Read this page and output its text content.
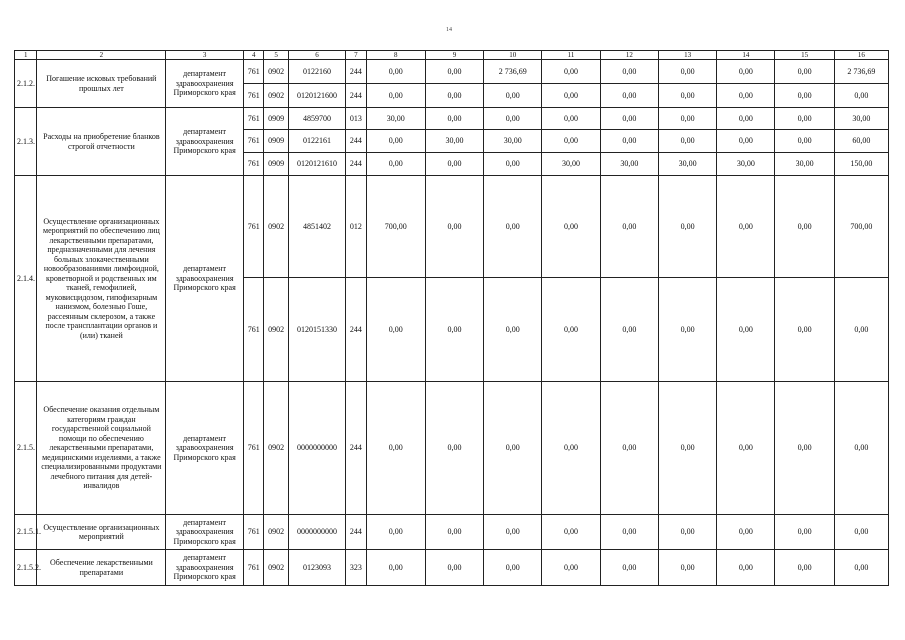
14
1	2	3	4	5	6	7	8	9	10	11	12	13	14	15	16
2.1.2.	Погашение исковых требований прошлых лет	департамент здравоохранения Приморского края	761	0902	0122160	244	0,00	0,00	2 736,69	0,00	0,00	0,00	0,00	0,00	2 736,69
			761	0902	0120121600	244	0,00	0,00	0,00	0,00	0,00	0,00	0,00	0,00	0,00
2.1.3.	Расходы на приобретение бланков строгой отчетности	департамент здравоохранения Приморского края	761	0909	4859700	013	30,00	0,00	0,00	0,00	0,00	0,00	0,00	0,00	30,00
			761	0909	0122161	244	0,00	30,00	30,00	0,00	0,00	0,00	0,00	0,00	60,00
			761	0909	0120121610	244	0,00	0,00	0,00	30,00	30,00	30,00	30,00	30,00	150,00
2.1.4.	Осуществление организационных мероприятий по обеспечению лиц лекарственными препаратами, предназначенными для лечения больных злокачественными новообразованиями лимфоидной, кроветворной и родственных им тканей, гемофилией, муковисцидозом, гипофизарным нанизмом, болезнью Гоше, рассеянным склерозом, а также после трансплантации органов и (или) тканей	департамент здравоохранения Приморского края	761	0902	4851402	012	700,00	0,00	0,00	0,00	0,00	0,00	0,00	0,00	700,00
			761	0902	0120151330	244	0,00	0,00	0,00	0,00	0,00	0,00	0,00	0,00	0,00
2.1.5.	Обеспечение оказания отдельным категориям граждан государственной социальной помощи по обеспечению лекарственными препаратами, медицинскими изделиями, а также специализированными продуктами лечебного питания для детей-инвалидов	департамент здравоохранения Приморского края	761	0902	0000000000	244	0,00	0,00	0,00	0,00	0,00	0,00	0,00	0,00	0,00
2.1.5.1.	Осуществление организационных мероприятий	департамент здравоохранения Приморского края	761	0902	0000000000	244	0,00	0,00	0,00	0,00	0,00	0,00	0,00	0,00	0,00
2.1.5.2.	Обеспечение лекарственными препаратами	департамент здравоохранения Приморского края	761	0902	0123093	323	0,00	0,00	0,00	0,00	0,00	0,00	0,00	0,00	0,00
